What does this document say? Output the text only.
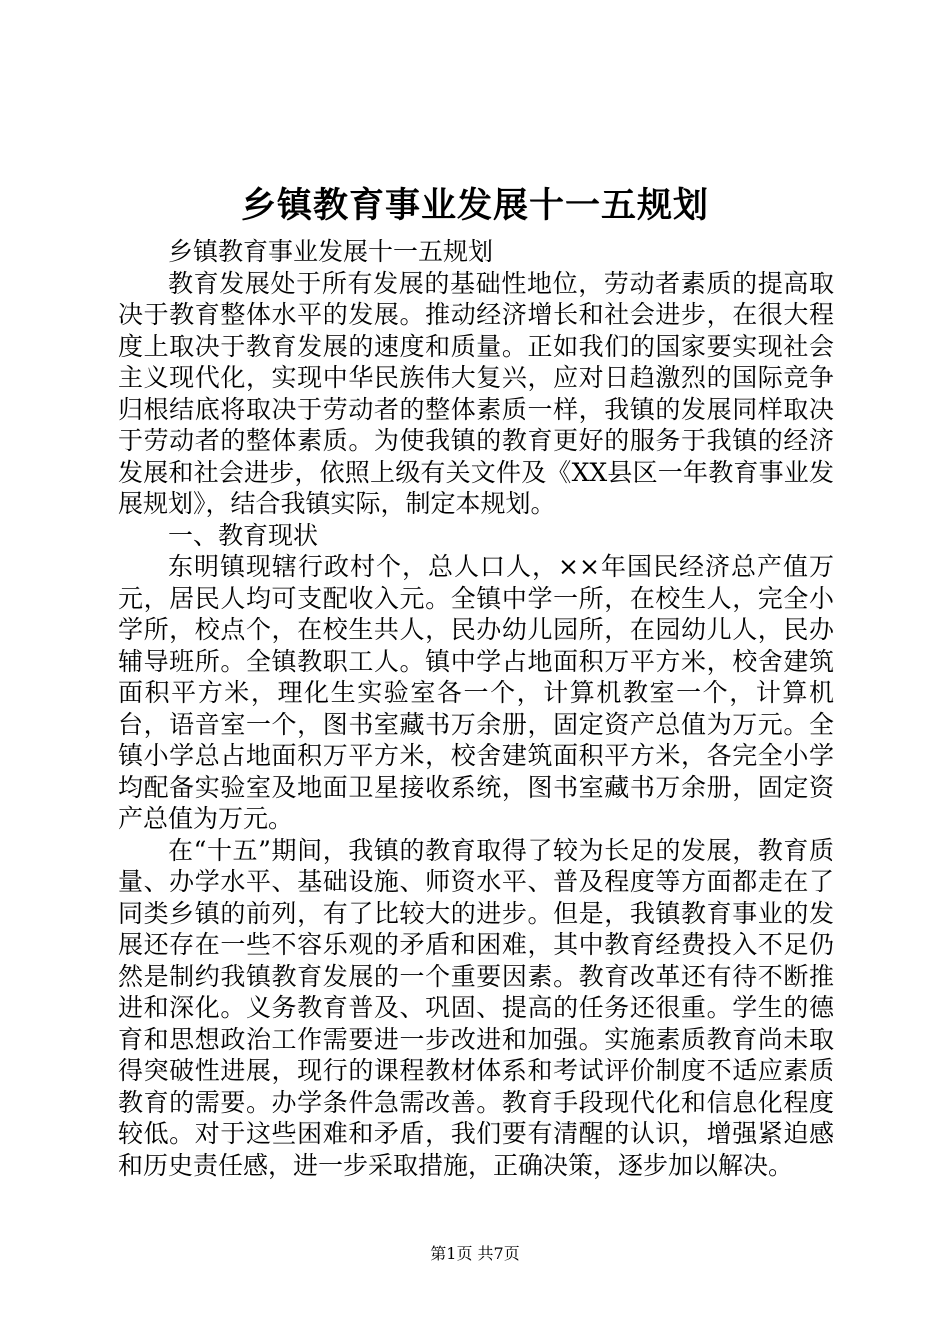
乡镇教育事业发展十一五规划

乡镇教育事业发展十一五规划

教育发展处于所有发展的基础性地位，劳动者素质的提高取决于教育整体水平的发展。推动经济增长和社会进步，在很大程度上取决于教育发展的速度和质量。正如我们的国家要实现社会主义现代化，实现中华民族伟大复兴，应对日趋激烈的国际竞争归根结底将取决于劳动者的整体素质一样，我镇的发展同样取决于劳动者的整体素质。为使我镇的教育更好的服务于我镇的经济发展和社会进步，依照上级有关文件及《XX县区一年教育事业发展规划》，结合我镇实际，制定本规划。

一、教育现状

东明镇现辖行政村个，总人口人，××年国民经济总产值万元，居民人均可支配收入元。全镇中学一所，在校生人，完全小学所，校点个，在校生共人，民办幼儿园所，在园幼儿人，民办辅导班所。全镇教职工人。镇中学占地面积万平方米，校舍建筑面积平方米，理化生实验室各一个，计算机教室一个，计算机台，语音室一个，图书室藏书万余册，固定资产总值为万元。全镇小学总占地面积万平方米，校舍建筑面积平方米，各完全小学均配备实验室及地面卫星接收系统，图书室藏书万余册，固定资产总值为万元。

在“十五”期间，我镇的教育取得了较为长足的发展，教育质量、办学水平、基础设施、师资水平、普及程度等方面都走在了同类乡镇的前列，有了比较大的进步。但是，我镇教育事业的发展还存在一些不容乐观的矛盾和困难，其中教育经费投入不足仍然是制约我镇教育发展的一个重要因素。教育改革还有待不断推进和深化。义务教育普及、巩固、提高的任务还很重。学生的德育和思想政治工作需要进一步改进和加强。实施素质教育尚未取得突破性进展，现行的课程教材体系和考试评价制度不适应素质教育的需要。办学条件急需改善。教育手段现代化和信息化程度较低。对于这些困难和矛盾，我们要有清醒的认识，增强紧迫感和历史责任感，进一步采取措施，正确决策，逐步加以解决。

第1页 共7页
